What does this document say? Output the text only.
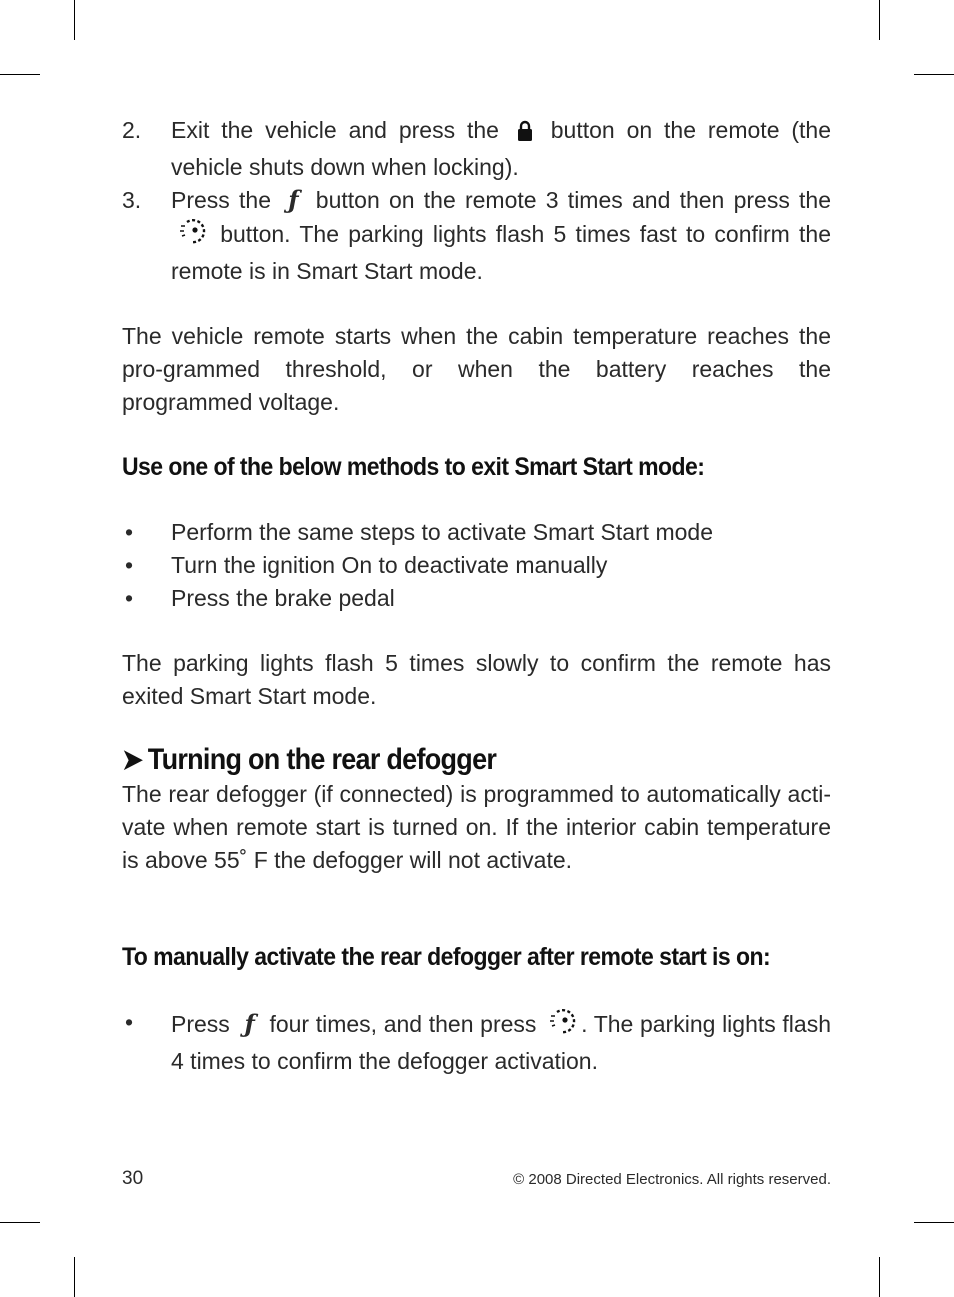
2.	Exit the vehicle and press the button on the remote (the vehicle shuts down when locking).
3.	Press the ƒ button on the remote 3 times and then press the  button. The parking lights flash 5 times fast to confirm the remote is in Smart Start mode.

The vehicle remote starts when the cabin temperature reaches the pro-grammed threshold, or when the battery reaches the programmed voltage.

Use one of the below methods to exit Smart Start mode:
•	Perform the same steps to activate Smart Start mode
•	Turn the ignition On to deactivate manually
•	Press the brake pedal

The parking lights flash 5 times slowly to confirm the remote has exited Smart Start mode.

➤ Turning on the rear defogger

The rear defogger (if connected) is programmed to automatically acti-vate when remote start is turned on. If the interior cabin temperature is above 55˚ F the defogger will not activate.

To manually activate the rear defogger after remote start is on:
•	Press ƒ four times, and then press . The parking lights flash 4 times to confirm the defogger activation.
30	© 2008 Directed Electronics. All rights reserved.
